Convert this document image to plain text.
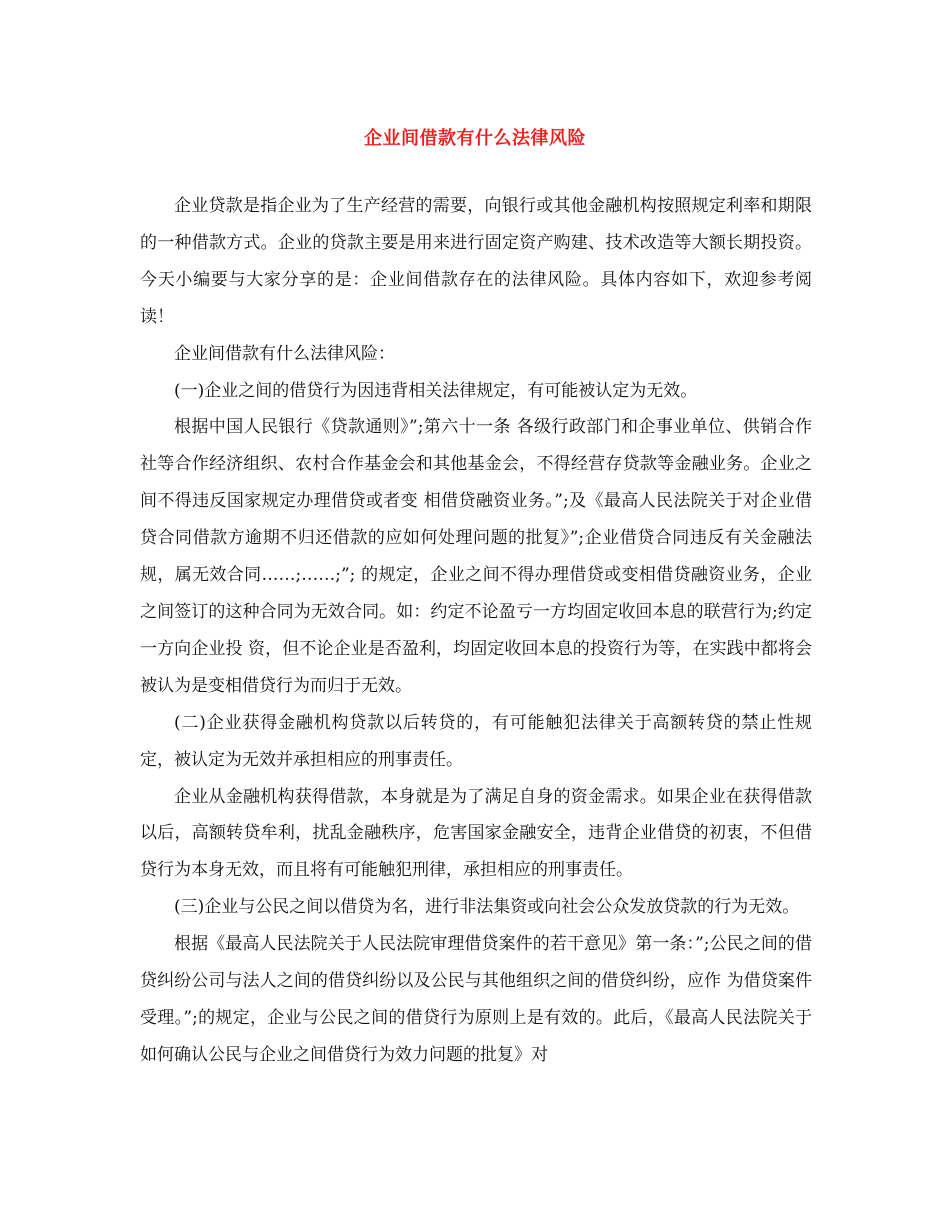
企业间借款有什么法律风险

企业贷款是指企业为了生产经营的需要，向银行或其他金融机构按照规定利率和期限的一种借款方式。企业的贷款主要是用来进行固定资产购建、技术改造等大额长期投资。今天小编要与大家分享的是：企业间借款存在的法律风险。具体内容如下，欢迎参考阅读！

企业间借款有什么法律风险：

(一)企业之间的借贷行为因违背相关法律规定，有可能被认定为无效。

根据中国人民银行《贷款通则》”;第六十一条 各级行政部门和企事业单位、供销合作社等合作经济组织、农村合作基金会和其他基金会，不得经营存贷款等金融业务。企业之间不得违反国家规定办理借贷或者变 相借贷融资业务。”;及《最高人民法院关于对企业借贷合同借款方逾期不归还借款的应如何处理问题的批复》”;企业借贷合同违反有关金融法规，属无效合同……;……;”; 的规定，企业之间不得办理借贷或变相借贷融资业务，企业之间签订的这种合同为无效合同。如：约定不论盈亏一方均固定收回本息的联营行为;约定一方向企业投 资，但不论企业是否盈利，均固定收回本息的投资行为等，在实践中都将会被认为是变相借贷行为而归于无效。

(二)企业获得金融机构贷款以后转贷的，有可能触犯法律关于高额转贷的禁止性规定，被认定为无效并承担相应的刑事责任。

企业从金融机构获得借款，本身就是为了满足自身的资金需求。如果企业在获得借款以后，高额转贷牟利，扰乱金融秩序，危害国家金融安全，违背企业借贷的初衷，不但借贷行为本身无效，而且将有可能触犯刑律，承担相应的刑事责任。

(三)企业与公民之间以借贷为名，进行非法集资或向社会公众发放贷款的行为无效。

根据《最高人民法院关于人民法院审理借贷案件的若干意见》第一条：”;公民之间的借贷纠纷公司与法人之间的借贷纠纷以及公民与其他组织之间的借贷纠纷，应作 为借贷案件受理。”;的规定，企业与公民之间的借贷行为原则上是有效的。此后，《最高人民法院关于如何确认公民与企业之间借贷行为效力问题的批复》对
